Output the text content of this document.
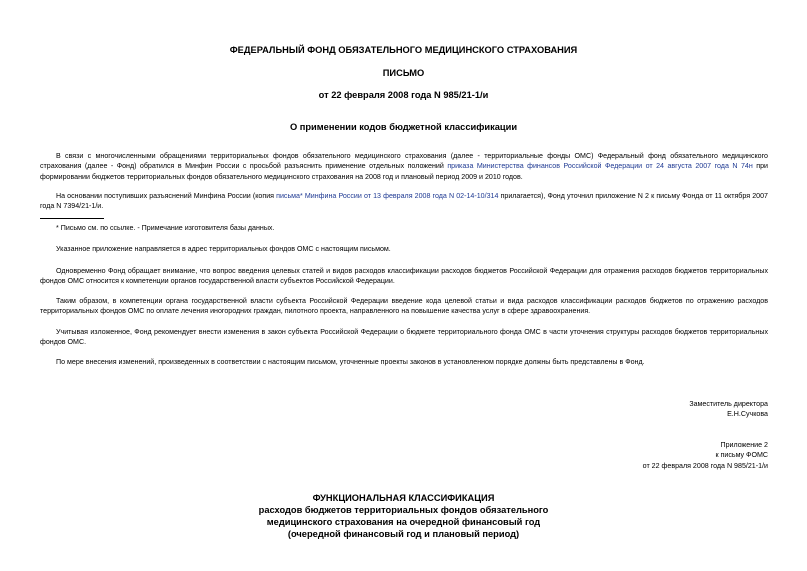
ФЕДЕРАЛЬНЫЙ ФОНД ОБЯЗАТЕЛЬНОГО МЕДИЦИНСКОГО СТРАХОВАНИЯ
ПИСЬМО
от 22 февраля 2008 года N 985/21-1/и
О применении кодов бюджетной классификации
В связи с многочисленными обращениями территориальных фондов обязательного медицинского страхования (далее - территориальные фонды ОМС) Федеральный фонд обязательного медицинского страхования (далее - Фонд) обратился в Минфин России с просьбой разъяснить применение отдельных положений приказа Министерства финансов Российской Федерации от 24 августа 2007 года N 74н при формировании бюджетов территориальных фондов обязательного медицинского страхования на 2008 год и плановый период 2009 и 2010 годов.
На основании поступивших разъяснений Минфина России (копия письма* Минфина России от 13 февраля 2008 года N 02-14-10/314 прилагается), Фонд уточнил приложение N 2 к письму Фонда от 11 октября 2007 года N 7394/21-1/и.
* Письмо см. по ссылке. - Примечание изготовителя базы данных.
Указанное приложение направляется в адрес территориальных фондов ОМС с настоящим письмом.
Одновременно Фонд обращает внимание, что вопрос введения целевых статей и видов расходов классификации расходов бюджетов Российской Федерации для отражения расходов бюджетов территориальных фондов ОМС относится к компетенции органов государственной власти субъектов Российской Федерации.
Таким образом, в компетенции органа государственной власти субъекта Российской Федерации введение кода целевой статьи и вида расходов классификации расходов бюджетов по отражению расходов территориальных фондов ОМС по оплате лечения иногородних граждан, пилотного проекта, направленного на повышение качества услуг в сфере здравоохранения.
Учитывая изложенное, Фонд рекомендует внести изменения в закон субъекта Российской Федерации о бюджете территориального фонда ОМС в части уточнения структуры расходов бюджетов территориальных фондов ОМС.
По мере внесения изменений, произведенных в соответствии с настоящим письмом, уточненные проекты законов в установленном порядке должны быть представлены в Фонд.
Заместитель директора
Е.Н.Сучкова
Приложение 2
к письму ФОМС
от 22 февраля 2008 года N 985/21-1/и
ФУНКЦИОНАЛЬНАЯ КЛАССИФИКАЦИЯ
расходов бюджетов территориальных фондов обязательного
медицинского страхования на очередной финансовый год
(очередной финансовый год и плановый период)
